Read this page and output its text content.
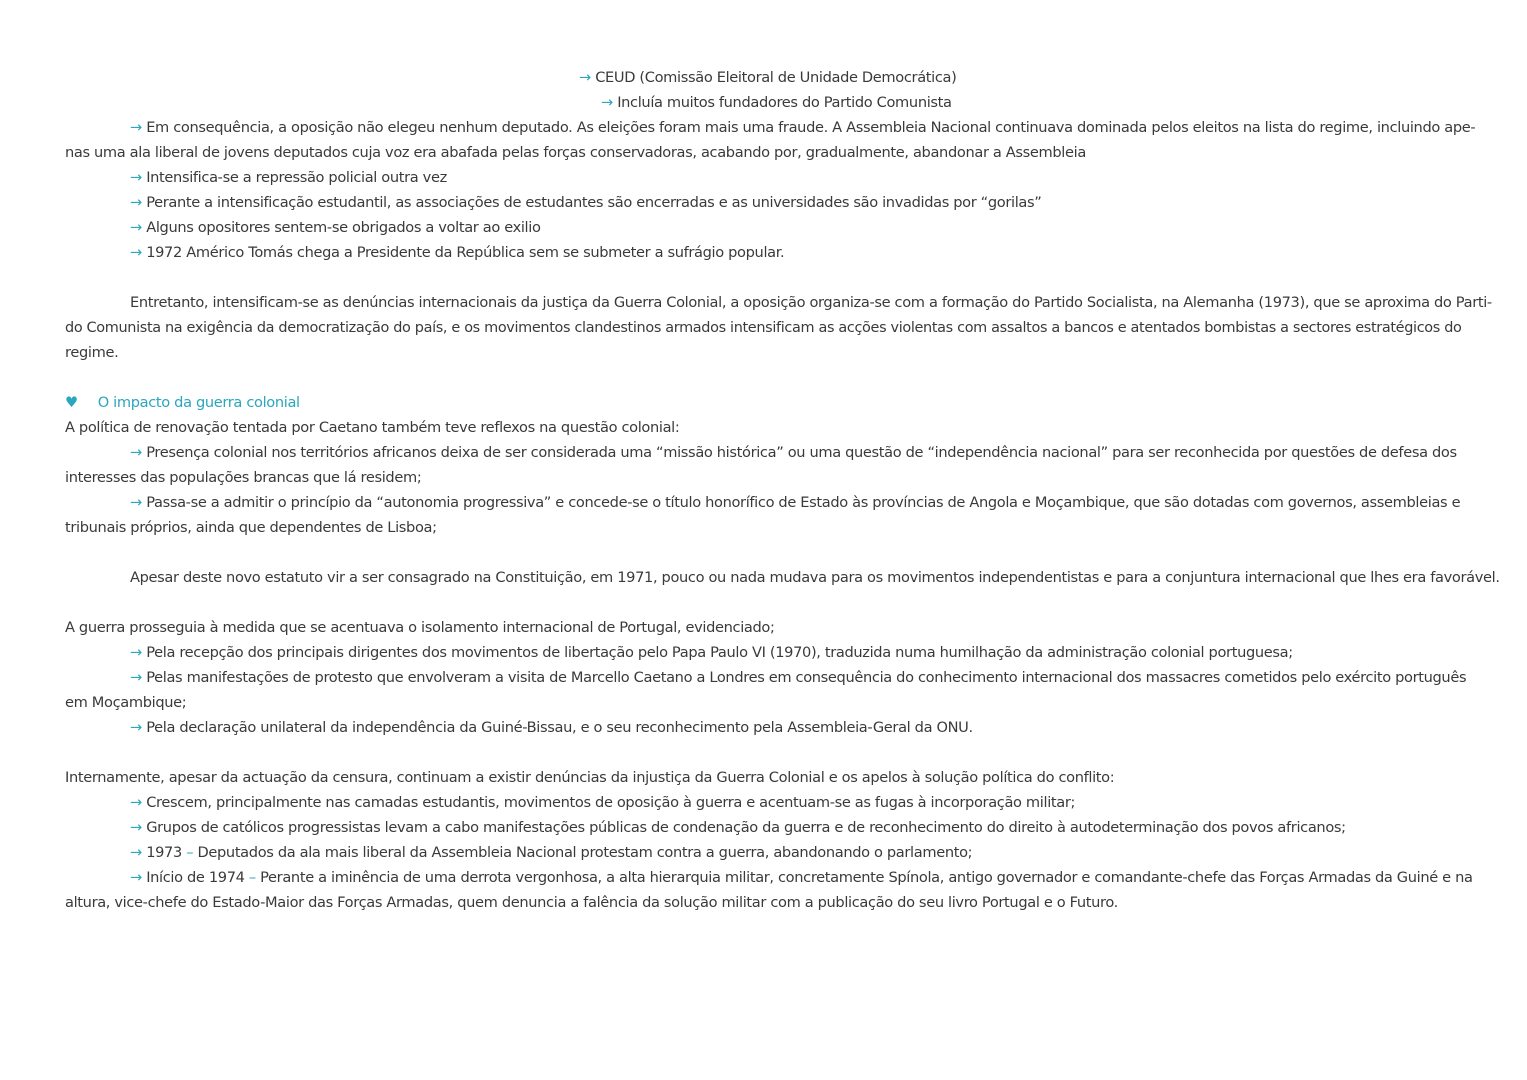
→ CEUD (Comissão Eleitoral de Unidade Democrática)
→ Incluía muitos fundadores do Partido Comunista
→ Em consequência, a oposição não elegeu nenhum deputado. As eleições foram mais uma fraude. A Assembleia Nacional continuava dominada pelos eleitos na lista do regime, incluindo ape-
nas uma ala liberal de jovens deputados cuja voz era abafada pelas forças conservadoras, acabando por, gradualmente, abandonar a Assembleia
→ Intensifica-se a repressão policial outra vez
→ Perante a intensificação estudantil, as associações de estudantes são encerradas e as universidades são invadidas por “gorilas”
→ Alguns opositores sentem-se obrigados a voltar ao exilio
→ 1972 Américo Tomás chega a Presidente da República sem se submeter a sufrágio popular.
Entretanto, intensificam-se as denúncias internacionais da justiça da Guerra Colonial, a oposição organiza-se com a formação do Partido Socialista, na Alemanha (1973), que se aproxima do Parti-
do Comunista na exigência da democratização do país, e os movimentos clandestinos armados intensificam as acções violentas com assaltos a bancos e atentados bombistas a sectores estratégicos do
regime.
♥ O impacto da guerra colonial
A política de renovação tentada por Caetano também teve reflexos na questão colonial:
→ Presença colonial nos territórios africanos deixa de ser considerada uma “missão histórica” ou uma questão de “independência nacional” para ser reconhecida por questões de defesa dos
interesses das populações brancas que lá residem;
→ Passa-se a admitir o princípio da “autonomia progressiva” e concede-se o título honorífico de Estado às províncias de Angola e Moçambique, que são dotadas com governos, assembleias e
tribunais próprios, ainda que dependentes de Lisboa;
Apesar deste novo estatuto vir a ser consagrado na Constituição, em 1971, pouco ou nada mudava para os movimentos independentistas e para a conjuntura internacional que lhes era favorável.
A guerra prosseguia à medida que se acentuava o isolamento internacional de Portugal, evidenciado;
→ Pela recepção dos principais dirigentes dos movimentos de libertação pelo Papa Paulo VI (1970), traduzida numa humilhação da administração colonial portuguesa;
→ Pelas manifestações de protesto que envolveram a visita de Marcello Caetano a Londres em consequência do conhecimento internacional dos massacres cometidos pelo exército português
em Moçambique;
→ Pela declaração unilateral da independência da Guiné-Bissau, e o seu reconhecimento pela Assembleia-Geral da ONU.
Internamente, apesar da actuação da censura, continuam a existir denúncias da injustiça da Guerra Colonial e os apelos à solução política do conflito:
→ Crescem, principalmente nas camadas estudantis, movimentos de oposição à guerra e acentuam-se as fugas à incorporação militar;
→ Grupos de católicos progressistas levam a cabo manifestações públicas de condenação da guerra e de reconhecimento do direito à autodeterminação dos povos africanos;
→ 1973 – Deputados da ala mais liberal da Assembleia Nacional protestam contra a guerra, abandonando o parlamento;
→ Início de 1974 – Perante a iminência de uma derrota vergonhosa, a alta hierarquia militar, concretamente Spínola, antigo governador e comandante-chefe das Forças Armadas da Guiné e na
altura, vice-chefe do Estado-Maior das Forças Armadas, quem denuncia a falência da solução militar com a publicação do seu livro Portugal e o Futuro.
